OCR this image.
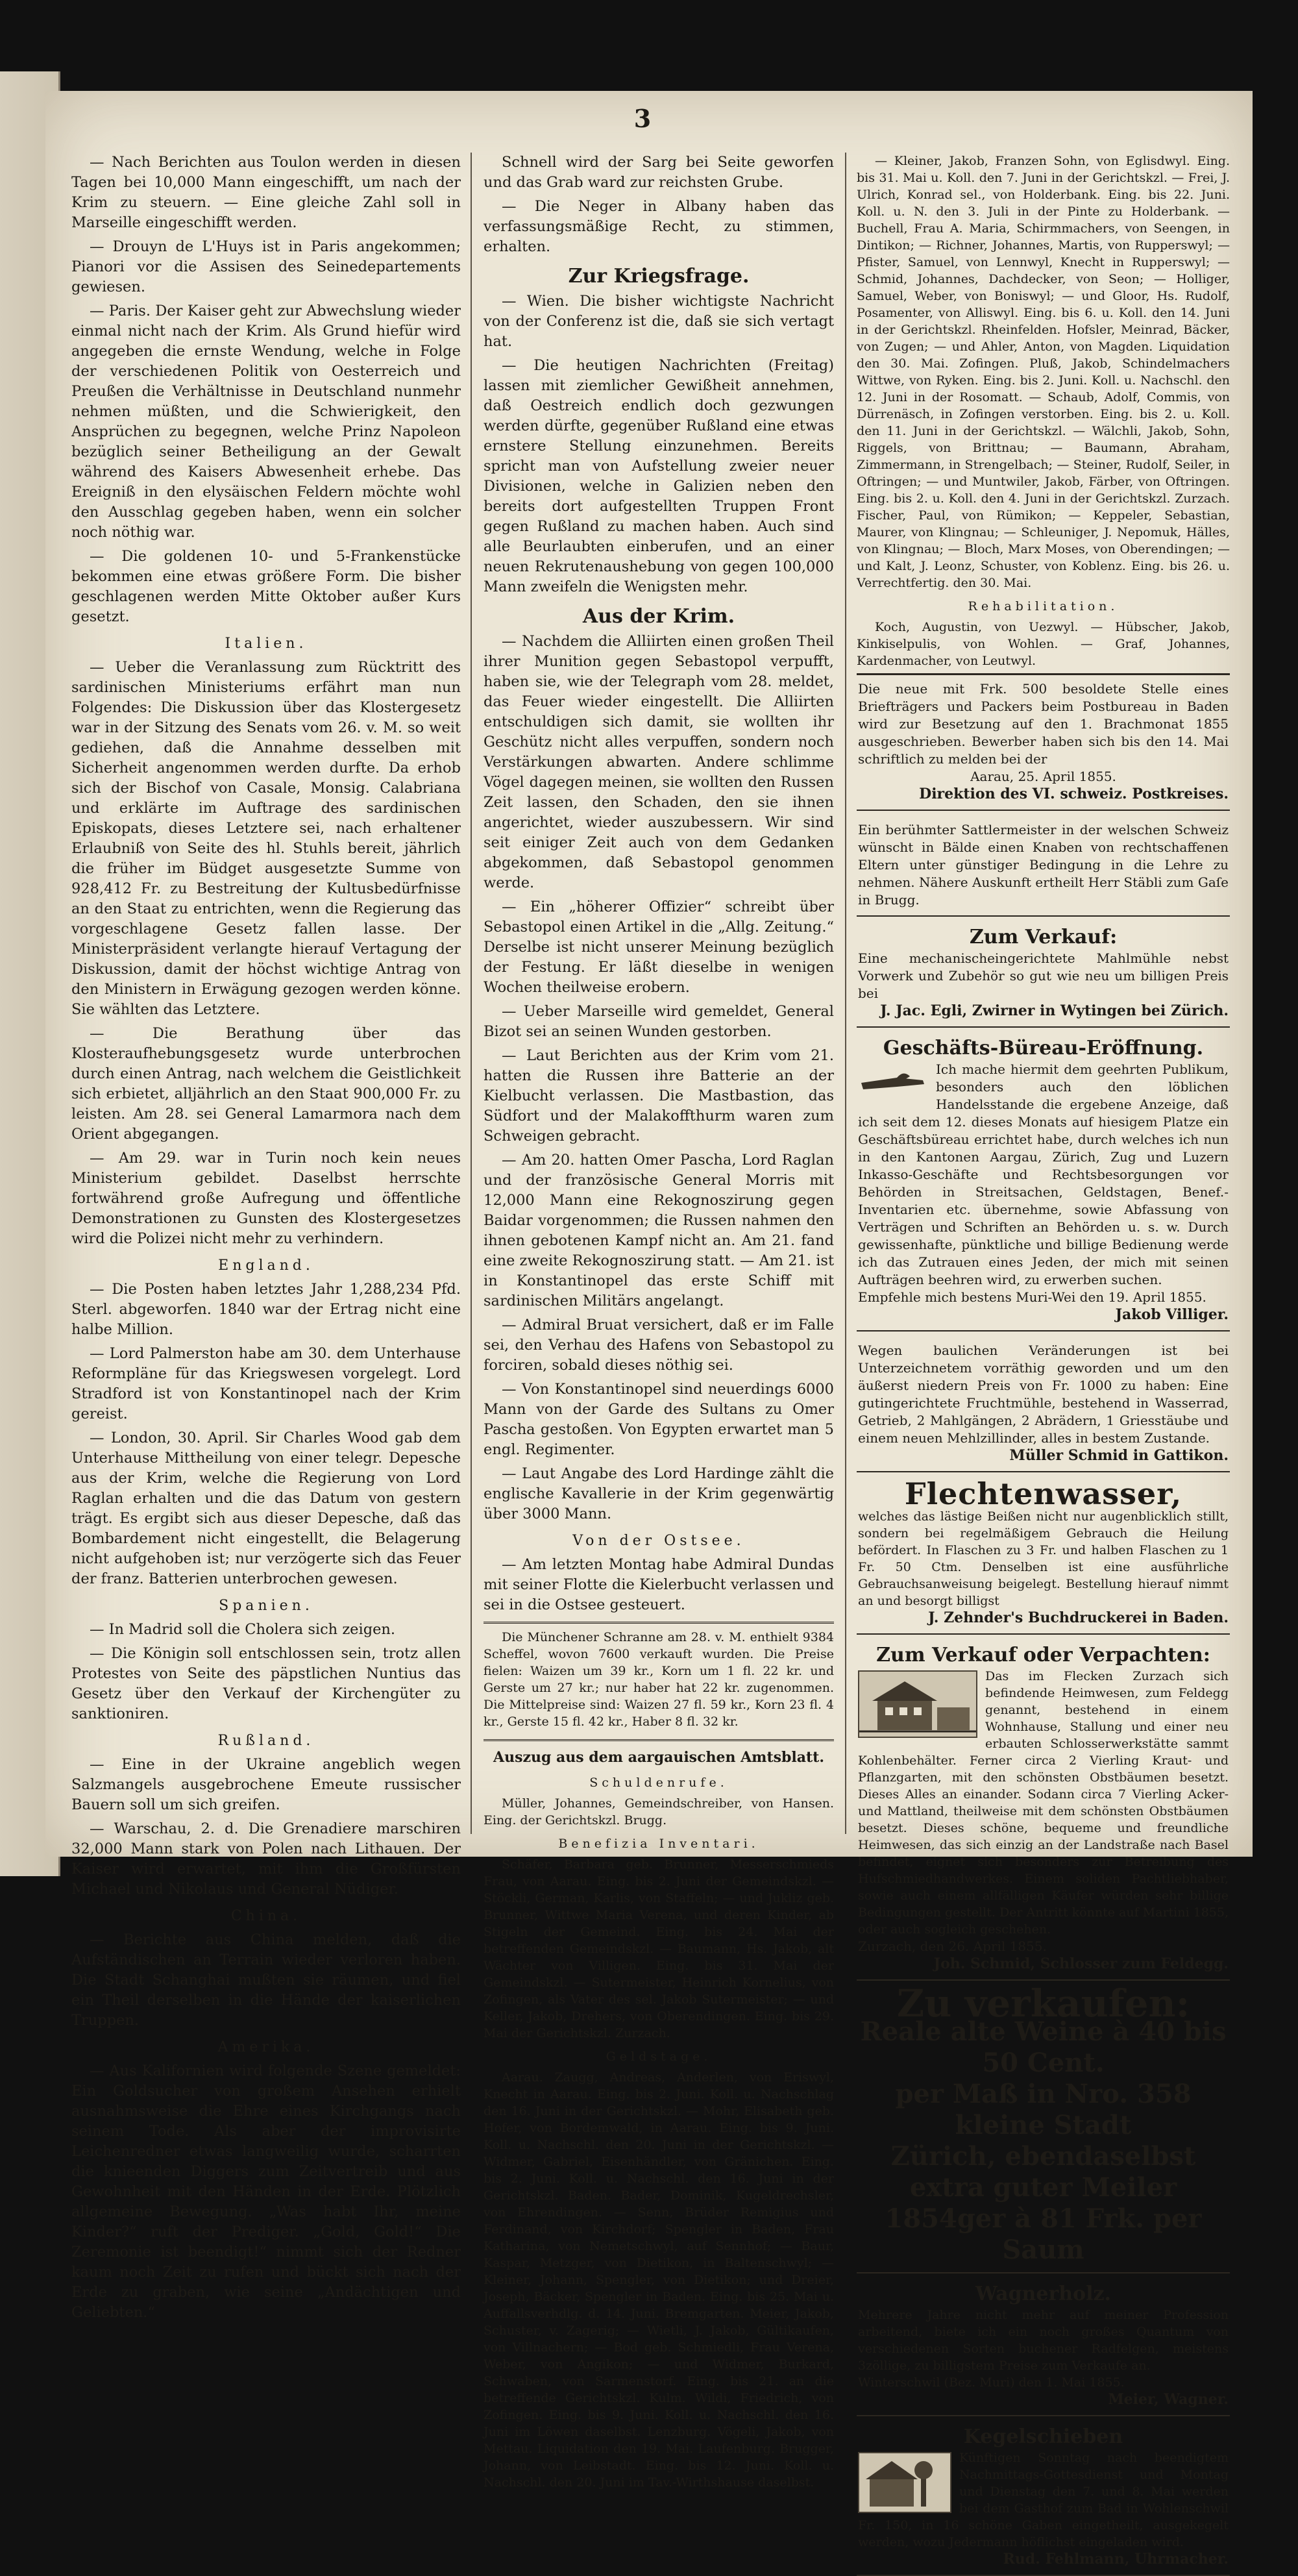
3

— Nach Berichten aus Toulon werden in diesen Tagen bei 10,000 Mann eingeschifft, um nach der Krim zu steuern. — Eine gleiche Zahl soll in Marseille eingeschifft werden.

— Drouyn de L'Huys ist in Paris angekommen; Pianori vor die Assisen des Seinedepartements gewiesen.

— Paris. Der Kaiser geht zur Abwechslung wieder einmal nicht nach der Krim. Als Grund hiefür wird angegeben die ernste Wendung, welche in Folge der verschiedenen Politik von Oesterreich und Preußen die Verhältnisse in Deutschland nunmehr nehmen müßten, und die Schwierigkeit, den Ansprüchen zu begegnen, welche Prinz Napoleon bezüglich seiner Betheiligung an der Gewalt während des Kaisers Abwesenheit erhebe. Das Ereigniß in den elysäischen Feldern möchte wohl den Ausschlag gegeben haben, wenn ein solcher noch nöthig war.

— Die goldenen 10- und 5-Frankenstücke bekommen eine etwas größere Form. Die bisher geschlagenen werden Mitte Oktober außer Kurs gesetzt.

Italien.

— Ueber die Veranlassung zum Rücktritt des sardinischen Ministeriums erfährt man nun Folgendes: Die Diskussion über das Klostergesetz war in der Sitzung des Senats vom 26. v. M. so weit gediehen, daß die Annahme desselben mit Sicherheit angenommen werden durfte. Da erhob sich der Bischof von Casale, Monsig. Calabriana und erklärte im Auftrage des sardinischen Episkopats, dieses Letztere sei, nach erhaltener Erlaubniß von Seite des hl. Stuhls bereit, jährlich die früher im Büdget ausgesetzte Summe von 928,412 Fr. zu Bestreitung der Kultusbedürfnisse an den Staat zu entrichten, wenn die Regierung das vorgeschlagene Gesetz fallen lasse. Der Ministerpräsident verlangte hierauf Vertagung der Diskussion, damit der höchst wichtige Antrag von den Ministern in Erwägung gezogen werden könne. Sie wählten das Letztere.

— Die Berathung über das Klosteraufhebungsgesetz wurde unterbrochen durch einen Antrag, nach welchem die Geistlichkeit sich erbietet, alljährlich an den Staat 900,000 Fr. zu leisten. Am 28. sei General Lamarmora nach dem Orient abgegangen.

— Am 29. war in Turin noch kein neues Ministerium gebildet. Daselbst herrschte fortwährend große Aufregung und öffentliche Demonstrationen zu Gunsten des Klostergesetzes wird die Polizei nicht mehr zu verhindern.

England.

— Die Posten haben letztes Jahr 1,288,234 Pfd. Sterl. abgeworfen. 1840 war der Ertrag nicht eine halbe Million.

— Lord Palmerston habe am 30. dem Unterhause Reformpläne für das Kriegswesen vorgelegt. Lord Stradford ist von Konstantinopel nach der Krim gereist.

— London, 30. April. Sir Charles Wood gab dem Unterhause Mittheilung von einer telegr. Depesche aus der Krim, welche die Regierung von Lord Raglan erhalten und die das Datum von gestern trägt. Es ergibt sich aus dieser Depesche, daß das Bombardement nicht eingestellt, die Belagerung nicht aufgehoben ist; nur verzögerte sich das Feuer der franz. Batterien unterbrochen gewesen.

Spanien.

— In Madrid soll die Cholera sich zeigen.

— Die Königin soll entschlossen sein, trotz allen Protestes von Seite des päpstlichen Nuntius das Gesetz über den Verkauf der Kirchengüter zu sanktioniren.

Rußland.

— Eine in der Ukraine angeblich wegen Salzmangels ausgebrochene Emeute russischer Bauern soll um sich greifen.

— Warschau, 2. d. Die Grenadiere marschiren 32,000 Mann stark von Polen nach Lithauen. Der Kaiser wird erwartet, mit ihm die Großfürsten Michael und Nikolaus und General Nüdiger.

China.

— Berichte aus China melden, daß die Aufständischen an Terrain wieder verloren haben. Die Stadt Schanghai mußten sie räumen, und fiel ein Theil derselben in die Hände der kaiserlichen Truppen.

Amerika.

— Aus Kalifornien wird folgende Szene gemeldet: Ein Goldsucher von großem Ansehen erhielt ausnahmsweise die Ehre eines Kirchgangs nach seinem Tode. Als aber der improvisirte Leichenredner etwas langweilig wurde, scharrten die knieenden Diggers zum Zeitvertreib und aus Gewohnheit mit den Händen in der Erde. Plötzlich allgemeine Bewegung. „Was habt Ihr, meine Kinder?“ ruft der Prediger. „Gold, Gold!“ Die Zeremonie ist beendigt!“ nimmt sich der Redner kaum noch Zeit zu rufen und bückt sich nach der Erde zu graben, wie seine „Andächtigen und Geliebten.“

Schnell wird der Sarg bei Seite geworfen und das Grab ward zur reichsten Grube.

— Die Neger in Albany haben das verfassungsmäßige Recht, zu stimmen, erhalten.

Zur Kriegsfrage.

— Wien. Die bisher wichtigste Nachricht von der Conferenz ist die, daß sie sich vertagt hat.

— Die heutigen Nachrichten (Freitag) lassen mit ziemlicher Gewißheit annehmen, daß Oestreich endlich doch gezwungen werden dürfte, gegenüber Rußland eine etwas ernstere Stellung einzunehmen. Bereits spricht man von Aufstellung zweier neuer Divisionen, welche in Galizien neben den bereits dort aufgestellten Truppen Front gegen Rußland zu machen haben. Auch sind alle Beurlaubten einberufen, und an einer neuen Rekrutenaushebung von gegen 100,000 Mann zweifeln die Wenigsten mehr.

Aus der Krim.

— Nachdem die Alliirten einen großen Theil ihrer Munition gegen Sebastopol verpufft, haben sie, wie der Telegraph vom 28. meldet, das Feuer wieder eingestellt. Die Alliirten entschuldigen sich damit, sie wollten ihr Geschütz nicht alles verpuffen, sondern noch Verstärkungen abwarten. Andere schlimme Vögel dagegen meinen, sie wollten den Russen Zeit lassen, den Schaden, den sie ihnen angerichtet, wieder auszubessern. Wir sind seit einiger Zeit auch von dem Gedanken abgekommen, daß Sebastopol genommen werde.

— Ein „höherer Offizier“ schreibt über Sebastopol einen Artikel in die „Allg. Zeitung.“ Derselbe ist nicht unserer Meinung bezüglich der Festung. Er läßt dieselbe in wenigen Wochen theilweise erobern.

— Ueber Marseille wird gemeldet, General Bizot sei an seinen Wunden gestorben.

— Laut Berichten aus der Krim vom 21. hatten die Russen ihre Batterie an der Kielbucht verlassen. Die Mastbastion, das Südfort und der Malakoffthurm waren zum Schweigen gebracht.

— Am 20. hatten Omer Pascha, Lord Raglan und der französische General Morris mit 12,000 Mann eine Rekognoszirung gegen Baidar vorgenommen; die Russen nahmen den ihnen gebotenen Kampf nicht an. Am 21. fand eine zweite Rekognoszirung statt. — Am 21. ist in Konstantinopel das erste Schiff mit sardinischen Militärs angelangt.

— Admiral Bruat versichert, daß er im Falle sei, den Verhau des Hafens von Sebastopol zu forciren, sobald dieses nöthig sei.

— Von Konstantinopel sind neuerdings 6000 Mann von der Garde des Sultans zu Omer Pascha gestoßen. Von Egypten erwartet man 5 engl. Regimenter.

— Laut Angabe des Lord Hardinge zählt die englische Kavallerie in der Krim gegenwärtig über 3000 Mann.

Von der Ostsee.

— Am letzten Montag habe Admiral Dundas mit seiner Flotte die Kielerbucht verlassen und sei in die Ostsee gesteuert.

Die Münchener Schranne am 28. v. M. enthielt 9384 Scheffel, wovon 7600 verkauft wurden. Die Preise fielen: Waizen um 39 kr., Korn um 1 fl. 22 kr. und Gerste um 27 kr.; nur haber hat 22 kr. zugenommen. Die Mittelpreise sind: Waizen 27 fl. 59 kr., Korn 23 fl. 4 kr., Gerste 15 fl. 42 kr., Haber 8 fl. 32 kr.

Auszug aus dem aargauischen Amtsblatt.
Schuldenrufe.

Müller, Johannes, Gemeindschreiber, von Hansen. Eing. der Gerichtskzl. Brugg.

Benefizia Inventari.

Schäfer, Barbara geb. Brunner, Messerschmieds Frau, von Aarau. Eing. bis 2. Juni der Gemeindskzl. — Stöckli, German, Karlis, von Staffeln; — und Jukliz geb. Brunner, Wittwe Maria Verena, und deren Kinder, ab Stigeln der Gemeind. Eing. bis 24. Mai der betreffenden Gemeindskzl. — Baumann, Hs. Jakob, alt Wächter von Villigen. Eing. bis 31. Mai der Gemeindskzl. — Sutermeister, Heinrich Kornelius, von Zofingen, als Vater des sel. Jakob Sutermeister; — und Keller, Jakob, Drehers, von Oberendingen. Eing. bis 29. Mai der Gerichtskzl. Zurzach.

Geldstage.

Aarau. Zaugg, Andreas, Anderlen, von Eriswyl, Knecht in Aarau. Eing. bis 2. Juni. Koll. u. Nachschlag den 16. Juni in der Gerichtskzl. — Mohr, Elisabeth geb. Hofer, von Bordemwald, in Aarau. Eing. bis 9. Juni. Koll. u. Nachschl. den 20. Juni in der Gerichtskzl. — Widmer, Gabriel, Eisenhändler, von Gränichen. Eing. bis 2. Juni. Koll. u. Nachschl. den 16. Juni in der Gerichtskzl. Baden. Bader, Dominik, Kugeldrechsler, von Ehrendingen. — Senn, Brüder Remigius und Ferdinand, von Kirchdorf; Spengler in Baden, Frau Katharina, von Nemetschwyl, auf Sennhof; — Baur, Kaspar, Metzger, von Dietikon, in Baltenschwyl; — Kleiner, Johann, Spengler, von Dietikon; und Dreier, Joseph, Bäcker, Spengler in Baden. Eing. bis 25. Mai u. Auffallsverhdlg. d. 14. Juni. Bremgarten. Meier, Jakob, Schuster, v. Zagerig; — Wietli, J. Jakob, Gültikaufen, von Villnachern; — Bod geb. Schmiedli, Frau Verena, Weber, von Angikon; — und Widmer, Burkard, Schwaben, von Sarmenstorf. Eing. bis 21. an die betreffende Gerichtskzl. Kulm. Wildi, Friedrich, von Zofingen. Eing. bis 9. Juni. Koll. u. Nachschl. den 16. Juni im Löwen daselbst. Lenzburg. Vögeli, Jakob, von Mettau. Liquidation den 19. Mai. Laufenburg. Brugger, Johann, von Leibstadt. Eing. bis 12. Juni. Koll. u. Nachschl. den 20. Juni im Tav.-Wirthshause daselbst.

— Kleiner, Jakob, Franzen Sohn, von Eglisdwyl. Eing. bis 31. Mai u. Koll. den 7. Juni in der Gerichtskzl. — Frei, J. Ulrich, Konrad sel., von Holderbank. Eing. bis 22. Juni. Koll. u. N. den 3. Juli in der Pinte zu Holderbank. — Buchell, Frau A. Maria, Schirmmachers, von Seengen, in Dintikon; — Richner, Johannes, Martis, von Rupperswyl; — Pfister, Samuel, von Lennwyl, Knecht in Rupperswyl; — Schmid, Johannes, Dachdecker, von Seon; — Holliger, Samuel, Weber, von Boniswyl; — und Gloor, Hs. Rudolf, Posamenter, von Alliswyl. Eing. bis 6. u. Koll. den 14. Juni in der Gerichtskzl. Rheinfelden. Hofsler, Meinrad, Bäcker, von Zugen; — und Ahler, Anton, von Magden. Liquidation den 30. Mai. Zofingen. Pluß, Jakob, Schindelmachers Wittwe, von Ryken. Eing. bis 2. Juni. Koll. u. Nachschl. den 12. Juni in der Rosomatt. — Schaub, Adolf, Commis, von Dürrenäsch, in Zofingen verstorben. Eing. bis 2. u. Koll. den 11. Juni in der Gerichtskzl. — Wälchli, Jakob, Sohn, Riggels, von Brittnau; — Baumann, Abraham, Zimmermann, in Strengelbach; — Steiner, Rudolf, Seiler, in Oftringen; — und Muntwiler, Jakob, Färber, von Oftringen. Eing. bis 2. u. Koll. den 4. Juni in der Gerichtskzl. Zurzach. Fischer, Paul, von Rümikon; — Keppeler, Sebastian, Maurer, von Klingnau; — Schleuniger, J. Nepomuk, Hälles, von Klingnau; — Bloch, Marx Moses, von Oberendingen; — und Kalt, J. Leonz, Schuster, von Koblenz. Eing. bis 26. u. Verrechtfertig. den 30. Mai.

Rehabilitation.

Koch, Augustin, von Uezwyl. — Hübscher, Jakob, Kinkiselpulis, von Wohlen. — Graf, Johannes, Kardenmacher, von Leutwyl.

Die neue mit Frk. 500 besoldete Stelle eines Briefträgers und Packers beim Postbureau in Baden wird zur Besetzung auf den 1. Brachmonat 1855 ausgeschrieben. Bewerber haben sich bis den 14. Mai schriftlich zu melden bei der
Aarau, 25. April 1855.
Direktion des VI. schweiz. Postkreises.
Ein berühmter Sattlermeister in der welschen Schweiz wünscht in Bälde einen Knaben von rechtschaffenen Eltern unter günstiger Bedingung in die Lehre zu nehmen. Nähere Auskunft ertheilt Herr Stäbli zum Gaſe in Brugg.
Zum Verkauf:
Eine mechanischeingerichtete Mahlmühle nebst Vorwerk und Zubehör so gut wie neu um billigen Preis bei
J. Jac. Egli, Zwirner in Wytingen bei Zürich.
Geschäfts-Büreau-Eröffnung.
Ich mache hiermit dem geehrten Publikum, besonders auch den löblichen Handelsstande die ergebene Anzeige, daß ich seit dem 12. dieses Monats auf hiesigem Platze ein Geschäftsbüreau errichtet habe, durch welches ich nun in den Kantonen Aargau, Zürich, Zug und Luzern Inkasso-Geschäfte und Rechtsbesorgungen vor Behörden in Streitsachen, Geldstagen, Benef.-Inventarien etc. übernehme, sowie Abfassung von Verträgen und Schriften an Behörden u. s. w. Durch gewissenhafte, pünktliche und billige Bedienung werde ich das Zutrauen eines Jeden, der mich mit seinen Aufträgen beehren wird, zu erwerben suchen.
Empfehle mich bestens Muri-Wei den 19. April 1855.
Jakob Villiger.
Wegen baulichen Veränderungen ist bei Unterzeichnetem vorräthig geworden und um den äußerst niedern Preis von Fr. 1000 zu haben: Eine gutingerichtete Fruchtmühle, bestehend in Wasserrad, Getrieb, 2 Mahlgängen, 2 Abrädern, 1 Griesstäube und einem neuen Mehlzillinder, alles in bestem Zustande.
Müller Schmid in Gattikon.
Flechtenwasser,
welches das lästige Beißen nicht nur augenblicklich stillt, sondern bei regelmäßigem Gebrauch die Heilung befördert. In Flaschen zu 3 Fr. und halben Flaschen zu 1 Fr. 50 Ctm. Denselben ist eine ausführliche Gebrauchsanweisung beigelegt. Bestellung hierauf nimmt an und besorgt billigst
J. Zehnder's Buchdruckerei in Baden.
Zum Verkauf oder Verpachten:
Das im Flecken Zurzach sich befindende Heimwesen, zum Feldegg genannt, bestehend in einem Wohnhause, Stallung und einer neu erbauten Schlosserwerkstätte sammt Kohlenbehälter. Ferner circa 2 Vierling Kraut- und Pflanzgarten, mit den schönsten Obstbäumen besetzt. Dieses Alles an einander. Sodann circa 7 Vierling Acker- und Mattland, theilweise mit dem schönsten Obstbäumen besetzt. Dieses schöne, bequeme und freundliche Heimwesen, das sich einzig an der Landstraße nach Basel befindet, eignet sich besonders zur Betreibung des Hufschmiedhandwerkes. Einem soliden Pachtliebhaber, sowie auch einem allfälligen Käufer würden sehr billige Bedingungen gestellt. Der Antritt könnte auf Martini 1855, oder auch sogleich geschehen.
Zurzach, den 26. April 1855.
Joh. Schmid, Schlosser zum Feldegg.
Zu verkaufen:
Reale alte Weine à 40 bis 50 Cent.
per Maß in Nro. 358 kleine Stadt
Zürich, ebendaselbst extra guter Meiler
1854ger à 81 Frk. per Saum
Wagnerholz.
Mehrere Jahre nicht mehr auf meiner Profession arbeitend, biete ich ein noch großes Quantum von verschiedenen Sorten buchener Radfelgen, meistens 3zöllige, zu billigstem Preise zum Verkaufe an.
Winterschwil (Bez. Muri) den 1. Mai 1855.
Meier, Wagner.
Kegelschieben
Künftigen Sonntag nach beendigtem Nachmittags-Gottesdienst und Montag und Dienstag den 7. und 8. Mai werden bei dem Gasthof zum Bad in Wohlenschwil Fr. 150, in 16 schöne Gaben eingetheilt, ausgekegelt werden, wozu Jedermann höflichst eingeladen wird.
Rud. Fehlmann, Uhrmacher.
